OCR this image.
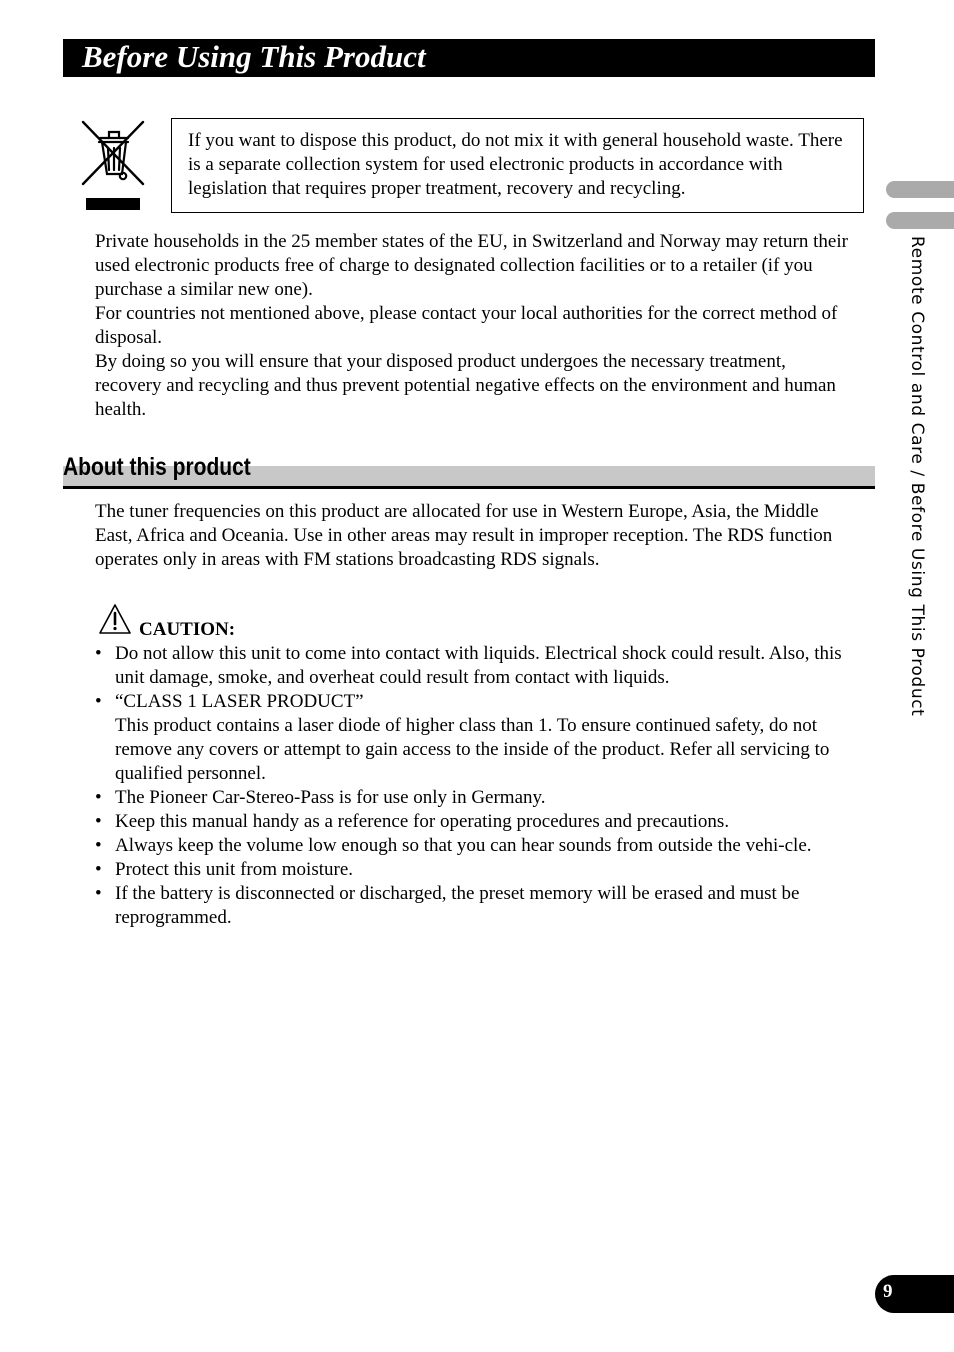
Before Using This Product

If you want to dispose this product, do not mix it with general household waste. There is a separate collection system for used electronic products in accordance with legislation that requires proper treatment, recovery and recycling.

Private households in the 25 member states of the EU, in Switzerland and Norway may return their used electronic products free of charge to designated collection facilities or to a retailer (if you purchase a similar new one).

For countries not mentioned above, please contact your local authorities for the correct method of disposal.

By doing so you will ensure that your disposed product undergoes the necessary treatment, recovery and recycling and thus prevent potential negative effects on the environment and human health.

About this product

The tuner frequencies on this product are allocated for use in Western Europe, Asia, the Middle East, Africa and Oceania. Use in other areas may result in improper reception. The RDS function operates only in areas with FM stations broadcasting RDS signals.

CAUTION:
• Do not allow this unit to come into contact with liquids. Electrical shock could result. Also, this unit damage, smoke, and overheat could result from contact with liquids.
• “CLASS 1 LASER PRODUCT”
This product contains a laser diode of higher class than 1. To ensure continued safety, do not remove any covers or attempt to gain access to the inside of the product. Refer all servicing to qualified personnel.
• The Pioneer Car-Stereo-Pass is for use only in Germany.
• Keep this manual handy as a reference for operating procedures and precautions.
• Always keep the volume low enough so that you can hear sounds from outside the vehi-cle.
• Protect this unit from moisture.
• If the battery is disconnected or discharged, the preset memory will be erased and must be reprogrammed.
Remote Control and Care / Before Using This Product
9
